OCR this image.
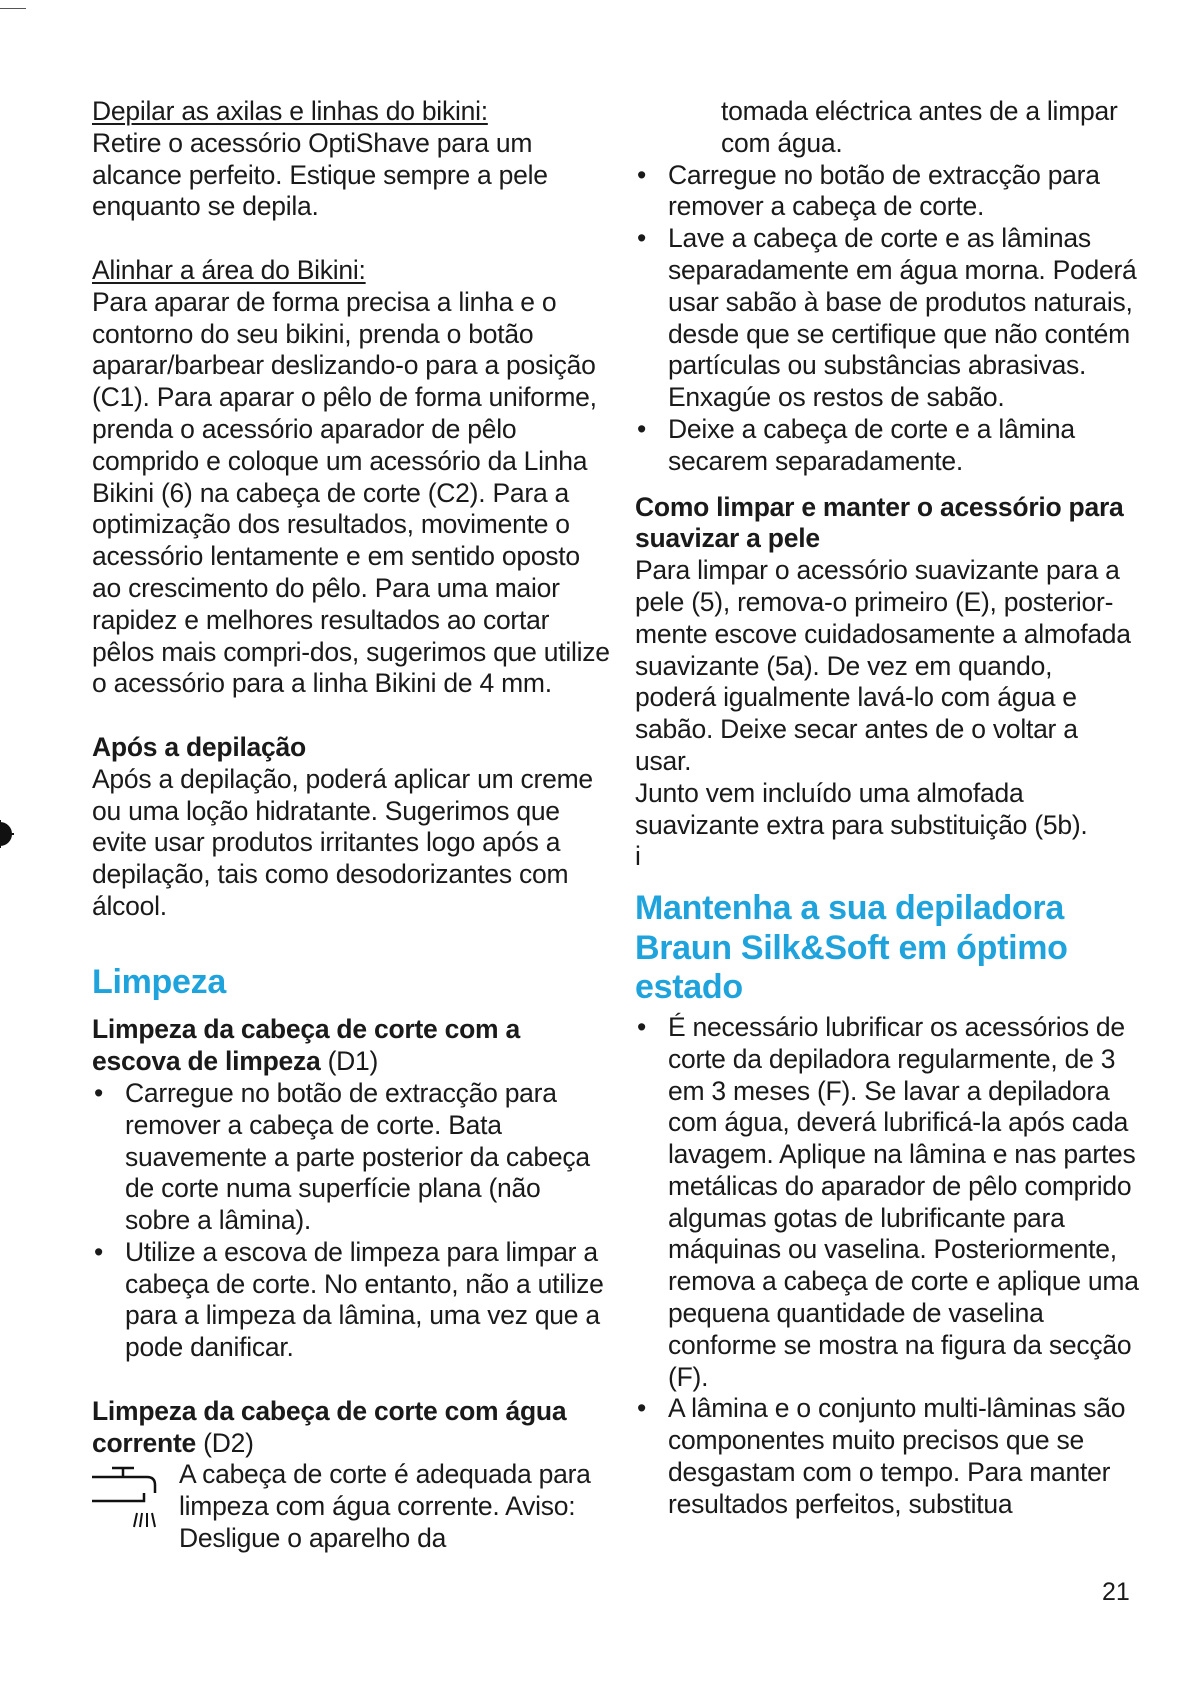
Depilar as axilas e linhas do bikini:

Retire o acessório OptiShave para um alcance perfeito. Estique sempre a pele enquanto se depila.

Alinhar a área do Bikini:

Para aparar de forma precisa a linha e o contorno do seu bikini, prenda o botão aparar/barbear deslizando-o para a posição (C1). Para aparar o pêlo de forma uniforme, prenda o acessório aparador de pêlo comprido e coloque um acessório da Linha Bikini (6) na cabeça de corte (C2). Para a optimização dos resultados, movimente o acessório lentamente e em sentido oposto ao crescimento do pêlo. Para uma maior rapidez e melhores resultados ao cortar pêlos mais compri-dos, sugerimos que utilize o acessório para a linha Bikini de 4 mm.

Após a depilação

Após a depilação, poderá aplicar um creme ou uma loção hidratante. Sugerimos que evite usar produtos irritantes logo após a depilação, tais como desodorizantes com álcool.

Limpeza

Limpeza da cabeça de corte com a escova de limpeza (D1)

• Carregue no botão de extracção para remover a cabeça de corte. Bata suavemente a parte posterior da cabeça de corte numa superfície plana (não sobre a lâmina).
• Utilize a escova de limpeza para limpar a cabeça de corte. No entanto, não a utilize para a limpeza da lâmina, uma vez que a pode danificar.

Limpeza da cabeça de corte com água corrente (D2)

A cabeça de corte é adequada para limpeza com água corrente. Aviso: Desligue o aparelho da

tomada eléctrica antes de a limpar com água.

• Carregue no botão de extracção para remover a cabeça de corte.
• Lave a cabeça de corte e as lâminas separadamente em água morna. Poderá usar sabão à base de produtos naturais, desde que se certifique que não contém partículas ou substâncias abrasivas. Enxagúe os restos de sabão.
• Deixe a cabeça de corte e a lâmina secarem separadamente.

Como limpar e manter o acessório para suavizar a pele

Para limpar o acessório suavizante para a pele (5), remova-o primeiro (E), posterior-mente escove cuidadosamente a almofada suavizante (5a). De vez em quando, poderá igualmente lavá-lo com água e sabão. Deixe secar antes de o voltar a usar.

Junto vem incluído uma almofada suavizante extra para substituição (5b).

i

Mantenha a sua depiladora Braun Silk&Soft em óptimo estado
• É necessário lubrificar os acessórios de corte da depiladora regularmente, de 3 em 3 meses (F). Se lavar a depiladora com água, deverá lubrificá-la após cada lavagem. Aplique na lâmina e nas partes metálicas do aparador de pêlo comprido algumas gotas de lubrificante para máquinas ou vaselina. Posteriormente, remova a cabeça de corte e aplique uma pequena quantidade de vaselina conforme se mostra na figura da secção (F).
• A lâmina e o conjunto multi-lâminas são componentes muito precisos que se desgastam com o tempo. Para manter resultados perfeitos, substitua
21
